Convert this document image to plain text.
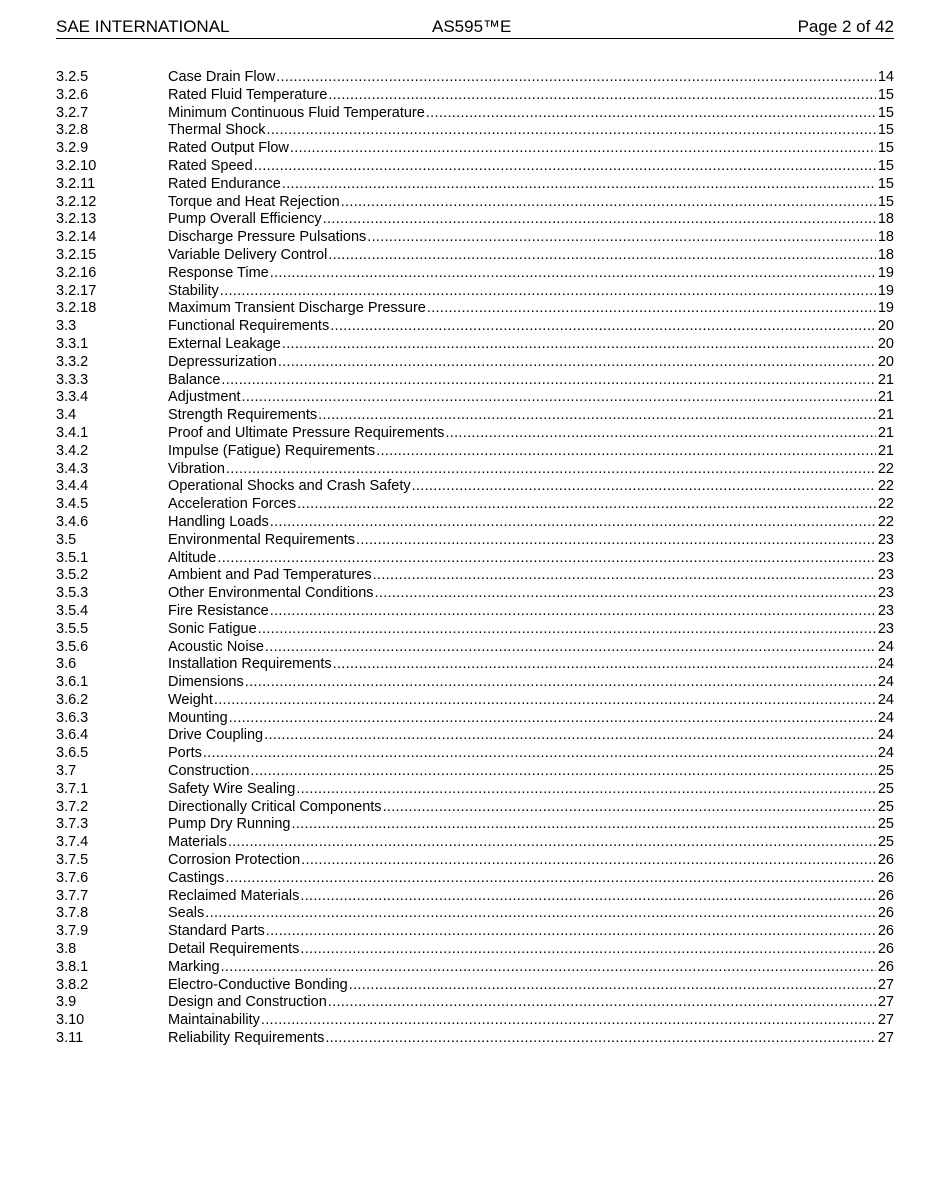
SAE INTERNATIONAL	AS595™E	Page 2 of 42
3.2.5	Case Drain Flow .....	14
3.2.6	Rated Fluid Temperature .....	15
3.2.7	Minimum Continuous Fluid Temperature .....	15
3.2.8	Thermal Shock .....	15
3.2.9	Rated Output Flow .....	15
3.2.10	Rated Speed .....	15
3.2.11	Rated Endurance .....	15
3.2.12	Torque and Heat Rejection .....	15
3.2.13	Pump Overall Efficiency .....	18
3.2.14	Discharge Pressure Pulsations .....	18
3.2.15	Variable Delivery Control .....	18
3.2.16	Response Time .....	19
3.2.17	Stability .....	19
3.2.18	Maximum Transient Discharge Pressure .....	19
3.3	Functional Requirements .....	20
3.3.1	External Leakage .....	20
3.3.2	Depressurization .....	20
3.3.3	Balance .....	21
3.3.4	Adjustment .....	21
3.4	Strength Requirements .....	21
3.4.1	Proof and Ultimate Pressure Requirements .....	21
3.4.2	Impulse (Fatigue) Requirements .....	21
3.4.3	Vibration .....	22
3.4.4	Operational Shocks and Crash Safety .....	22
3.4.5	Acceleration Forces .....	22
3.4.6	Handling Loads .....	22
3.5	Environmental Requirements .....	23
3.5.1	Altitude .....	23
3.5.2	Ambient and Pad Temperatures .....	23
3.5.3	Other Environmental Conditions .....	23
3.5.4	Fire Resistance .....	23
3.5.5	Sonic Fatigue .....	23
3.5.6	Acoustic Noise .....	24
3.6	Installation Requirements .....	24
3.6.1	Dimensions .....	24
3.6.2	Weight .....	24
3.6.3	Mounting .....	24
3.6.4	Drive Coupling .....	24
3.6.5	Ports .....	24
3.7	Construction .....	25
3.7.1	Safety Wire Sealing .....	25
3.7.2	Directionally Critical Components .....	25
3.7.3	Pump Dry Running .....	25
3.7.4	Materials .....	25
3.7.5	Corrosion Protection .....	26
3.7.6	Castings .....	26
3.7.7	Reclaimed Materials .....	26
3.7.8	Seals .....	26
3.7.9	Standard Parts .....	26
3.8	Detail Requirements .....	26
3.8.1	Marking .....	26
3.8.2	Electro-Conductive Bonding .....	27
3.9	Design and Construction .....	27
3.10	Maintainability .....	27
3.11	Reliability Requirements .....	27
